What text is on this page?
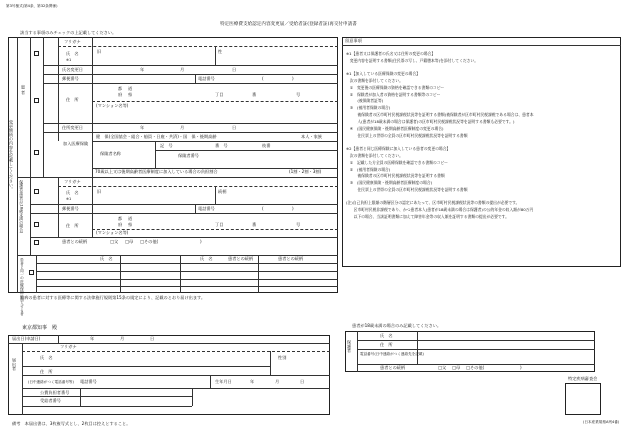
第3号様式(第4条、第32条関係)
特定医療費支給認定内容変更届／受給者証(登録者証)再交付申請書
該当する事項のみチェックの上記載してください。
変更箇所の内容を記載してください。
患 者
フリガナ
氏　名
※1
旧	性
氏名変更日	年	月	日
郵便番号	電話番号	(	)
住　所
都 道
府 県	丁目	番	号
(マンション名等)
住所変更日	年	月	日
加入医療保険
健　保(全国協会・組合・船員・日雇・共済)・国　保・後期高齢	本人・家族
保険者名称
記　号	番　号	枝番
保険者番号
70歳以上又は後期高齢者医療制度に加入している場合の負担割合	(1割・2割・3割)
保護者(患者が18歳未満の場合)	フリガナ
氏　名
※1
旧	続柄
郵便番号	電話番号	(	)
住　所
都 道
府 県	丁目	番	号
(マンション名等)
患者との続柄	□父 □母 □その他(	)
患者と同一の医療保険に加入する者	氏　名	患者との続柄
氏　名	患者との続柄
難病の患者に対する医療等に関する法律施行規則第15条の規定により、記載のとおり届け出ます。
東京都知事　殿
届出日(申請日)	年	月	日
届出者
フリガナ
氏　名	性別
住　所
(日中連絡がつく電話番号等) 電話番号	生年月日	年	月	日
公費負担者番号
受給者番号
患者が18歳未満の場合のみ記載してください。
保護者
氏　名
住　所
電話番号(日中連絡がつく連絡先を記載)
患者との続柄	□父 □母 □その他(	)
特定疾病審査会
留意事項
※1【患者又は保護者の氏名又は住所の変更の場合】
　変更内容を証明する書類(住民票の写し、戸籍謄本等)を添付してください。
※1【加入している医療保険の変更の場合】
　次の書類を添付してください。
　①　変更後の医療保険の資格を確認できる書類のコピー
　②　保険者が加入者の資格を証明する書類等のコピー
　　　(被保険者証等)
　③　(被用者保険の場合)
　　　被保険者の区市町村民税課税状況等を証明する書類(被保険者が区市町村民税課税である場合は、患者本
　　　人(患者が18歳未満の場合は保護者)の区市町村民税課税状況等を証明する書類も必要です。)
　④　(国民健康保険・後期高齢者医療制度の変更の場合)
　　　住民票上の世帯の全員の区市町村民税課税状況等を証明する書類
※2【患者と同じ医療保険に加入している患者の変更の場合】
　次の書類を添付してください。
　①　記載した方全員の医療保険を確認できる書類のコピー
　②　(被用者保険の場合)
　　　被保険者の区市町村民税課税状況等を証明する書類
　③　(国民健康保険・後期高齢者医療制度の場合)
　　　住民票上の世帯の全員の区市町村民税課税状況等を証明する書類
(注)自己負担上限額の階層区分の認定にあたって、区市町村民税課税状況等の書類の提出が必要です。
　　区市町村民税非課税であり、かつ患者本人(患者が18歳未満の場合は保護者)の公的年金の収入額が80万円
　　以下の場合、当該証明書類に加えて障害年金等の収入額を証明する書類の提出が必要です。
備考　本届出書は、3枚複写式とし、2枚目は控えとすること。	(日本産業規格A列4番)
